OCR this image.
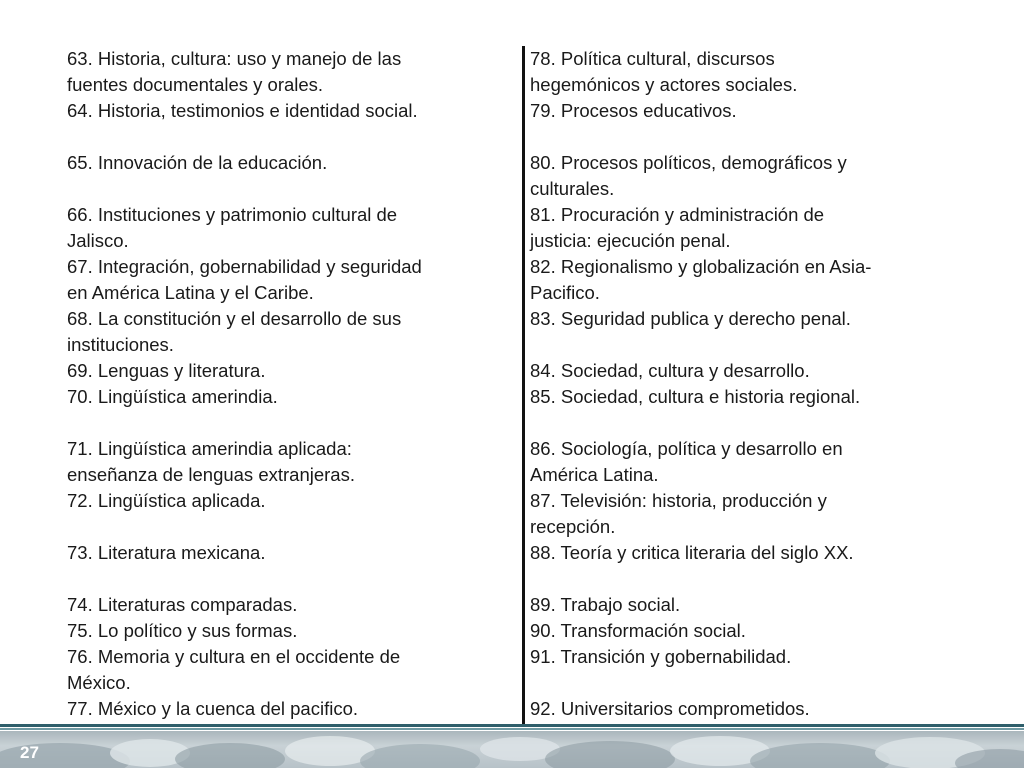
63. Historia, cultura: uso y manejo de las
fuentes documentales y orales.
64. Historia, testimonios e identidad social.
65. Innovación de la educación.
66. Instituciones y patrimonio cultural de
Jalisco.
67. Integración, gobernabilidad y seguridad
en América Latina y el Caribe.
68. La constitución y el desarrollo de sus
instituciones.
69. Lenguas y literatura.
70. Lingüística amerindia.
71. Lingüística amerindia aplicada:
enseñanza de lenguas extranjeras.
72. Lingüística aplicada.
73. Literatura mexicana.
74. Literaturas comparadas.
75. Lo político y sus formas.
76. Memoria y cultura en el occidente de
México.
77. México y la cuenca del pacifico.
78. Política cultural, discursos
hegemónicos y actores sociales.
79. Procesos educativos.
80. Procesos políticos, demográficos y
culturales.
81. Procuración y administración de
justicia: ejecución penal.
82. Regionalismo y globalización en Asia-
Pacifico.
83. Seguridad publica y derecho penal.
84. Sociedad, cultura y desarrollo.
85. Sociedad, cultura e historia regional.
86. Sociología, política y desarrollo en
América Latina.
87. Televisión: historia, producción y
recepción.
88. Teoría y critica literaria del siglo XX.
89. Trabajo social.
90. Transformación social.
91. Transición y gobernabilidad.
92. Universitarios comprometidos.
27
